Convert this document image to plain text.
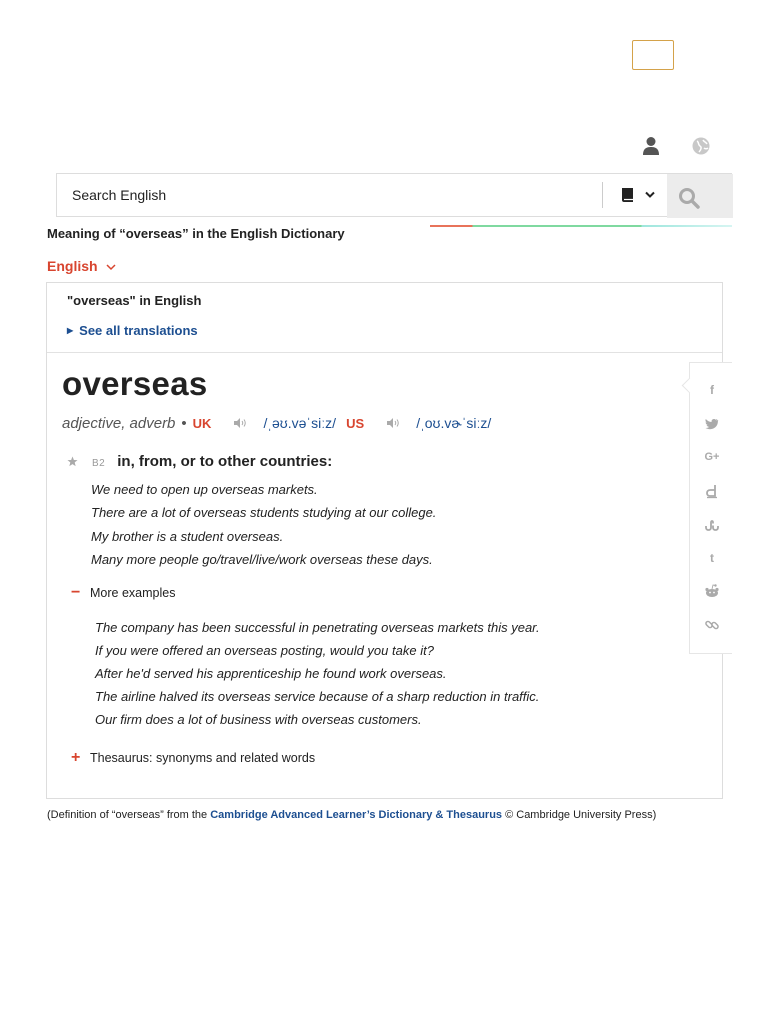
Search English
Meaning of “overseas” in the English Dictionary
English
"overseas" in English
▶ See all translations
overseas
adjective, adverb • UK	/ˌəʊ.vəˈsiːz/ US	/ˌoʊ.vɚˈsiːz/
B2 in, from, or to other countries:
We need to open up overseas markets.
There are a lot of overseas students studying at our college.
My brother is a student overseas.
Many more people go/travel/live/work overseas these days.
− More examples
The company has been successful in penetrating overseas markets this year.
If you were offered an overseas posting, would you take it?
After he'd served his apprenticeship he found work overseas.
The airline halved its overseas service because of a sharp reduction in traffic.
Our firm does a lot of business with overseas customers.
+ Thesaurus: synonyms and related words
f
G+
t
(Definition of “overseas” from the Cambridge Advanced Learner’s Dictionary & Thesaurus © Cambridge University Press)
